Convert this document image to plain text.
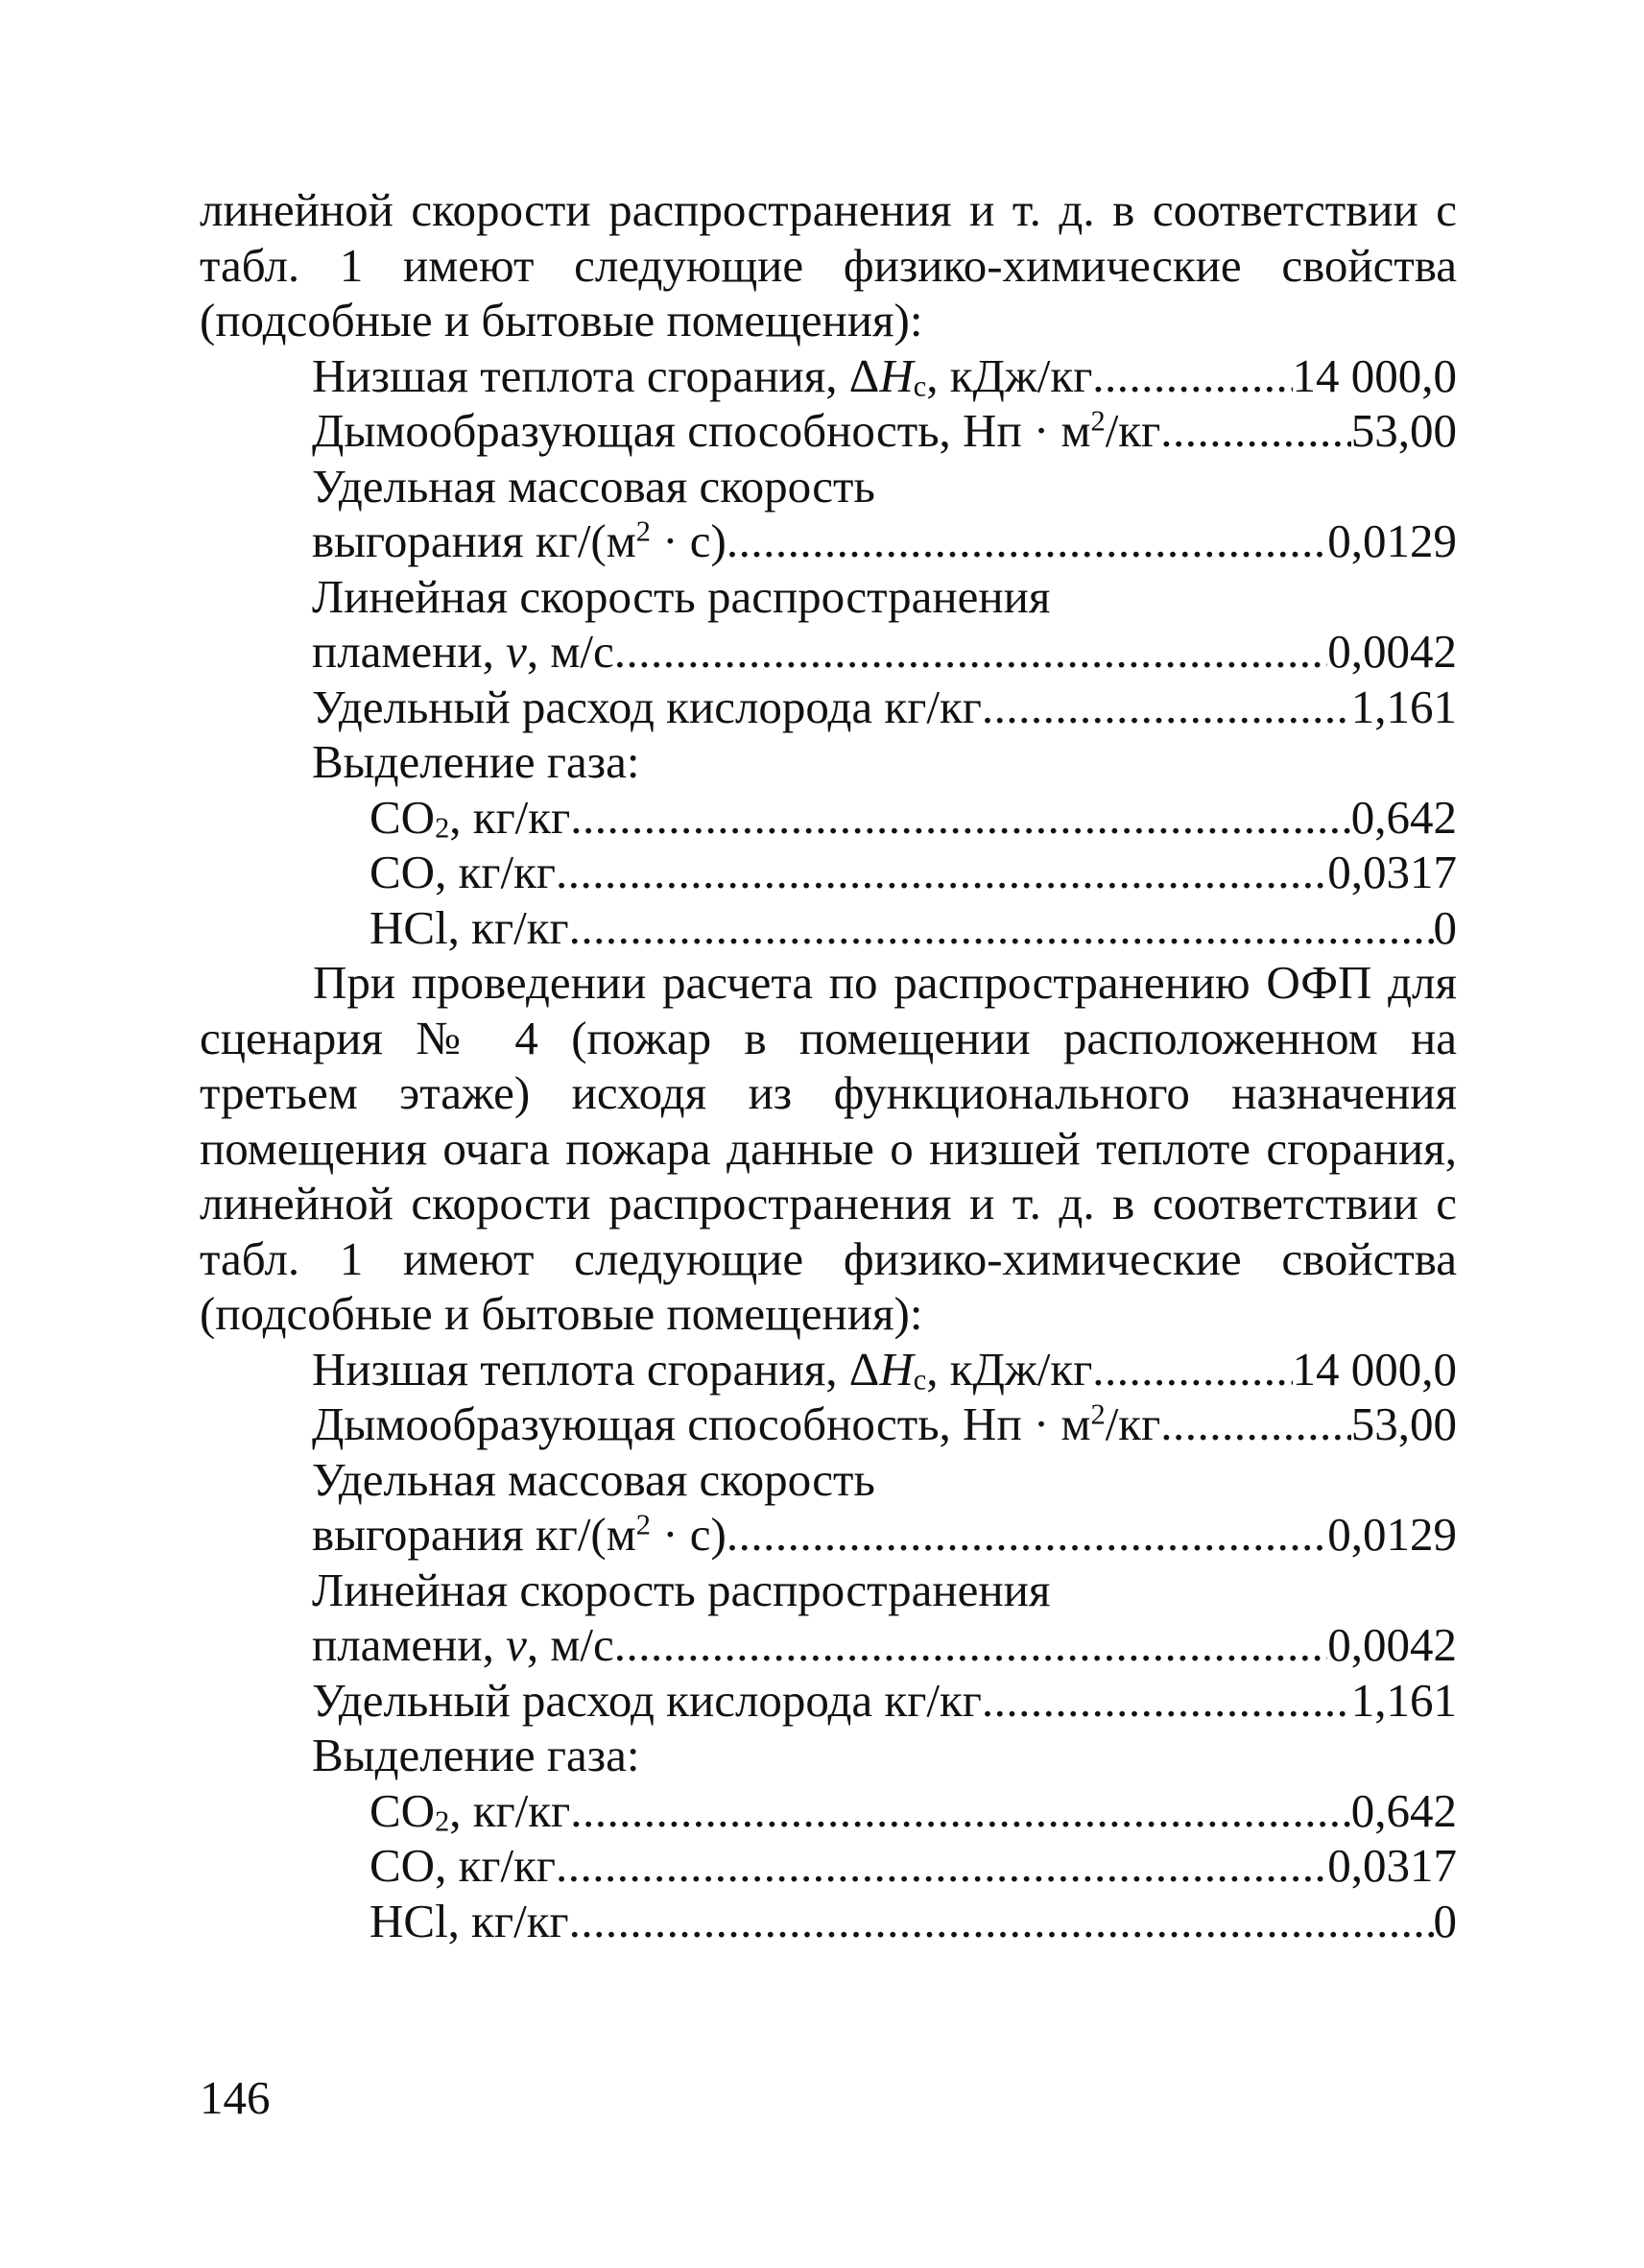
линейной скорости распространения и т. д. в соответствии с табл. 1 имеют следующие физико-химические свойства (подсобные и бытовые помещения):

Низшая теплота сгорания, $\Delta H_с$, кДж/кг .....	14 000,0
Дымообразующая способность, Нп · $м^2/кг$ .....	53,00
Удельная массовая скорость
выгорания $кг/(м^2 \cdot с)$ .....	0,0129
Линейная скорость распространения
пламени, v, м/с .....	0,0042
Удельный расход кислорода кг/кг .....	1,161
Выделение газа:
$CO_2$, кг/кг .....	0,642
CO, кг/кг .....	0,0317
HCl, кг/кг .....	0

При проведении расчета по распространению ОФП для сценария № 4 (пожар в помещении расположенном на третьем этаже) исходя из функционального назначения помещения очага пожара данные о низшей теплоте сгорания, линейной скорости распространения и т. д. в соответствии с табл. 1 имеют следующие физико-химические свойства (подсобные и бытовые помещения):

Низшая теплота сгорания, $\Delta H_с$, кДж/кг .....	14 000,0
Дымообразующая способность, Нп · $м^2/кг$ .....	53,00
Удельная массовая скорость
выгорания $кг/(м^2 \cdot с)$ .....	0,0129
Линейная скорость распространения
пламени, v, м/с .....	0,0042
Удельный расход кислорода кг/кг .....	1,161
Выделение газа:
$CO_2$, кг/кг .....	0,642
CO, кг/кг .....	0,0317
HCl, кг/кг .....	0
146
